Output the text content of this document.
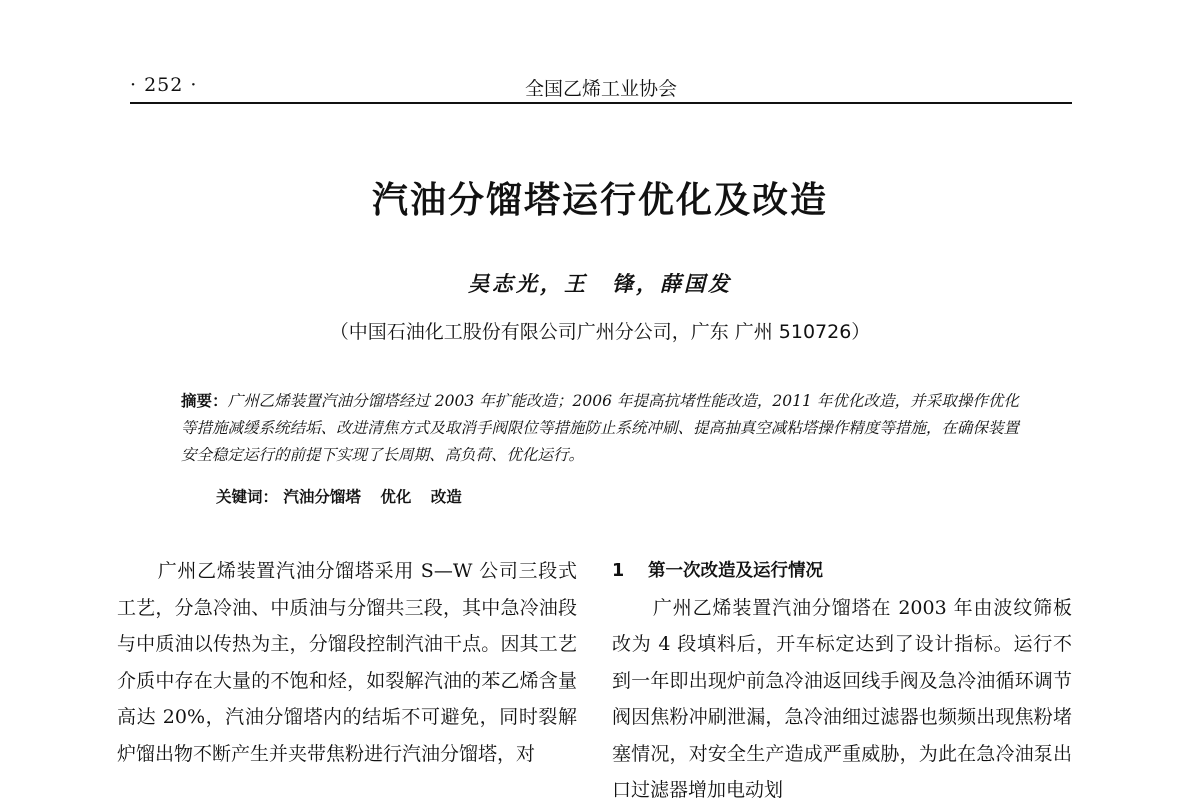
· 252 ·	全国乙烯工业协会
汽油分馏塔运行优化及改造
吴志光，王　锋，薛国发
（中国石油化工股份有限公司广州分公司，广东 广州 510726）
摘要：广州乙烯装置汽油分馏塔经过 2003 年扩能改造；2006 年提高抗堵性能改造，2011 年优化改造，并采取操作优化等措施减缓系统结垢、改进清焦方式及取消手阀限位等措施防止系统冲刷、提高抽真空减粘塔操作精度等措施，在确保装置安全稳定运行的前提下实现了长周期、高负荷、优化运行。
关键词： 汽油分馏塔 优化 改造
广州乙烯装置汽油分馏塔采用 S—W 公司三段式工艺，分急冷油、中质油与分馏共三段，其中急冷油段与中质油以传热为主，分馏段控制汽油干点。因其工艺介质中存在大量的不饱和烃，如裂解汽油的苯乙烯含量高达 20%，汽油分馏塔内的结垢不可避免，同时裂解炉馏出物不断产生并夹带焦粉进行汽油分馏塔，对
1 第一次改造及运行情况
广州乙烯装置汽油分馏塔在 2003 年由波纹筛板改为 4 段填料后，开车标定达到了设计指标。运行不到一年即出现炉前急冷油返回线手阀及急冷油循环调节阀因焦粉冲刷泄漏，急冷油细过滤器也频频出现焦粉堵塞情况，对安全生产造成严重威胁，为此在急冷油泵出口过滤器增加电动划
